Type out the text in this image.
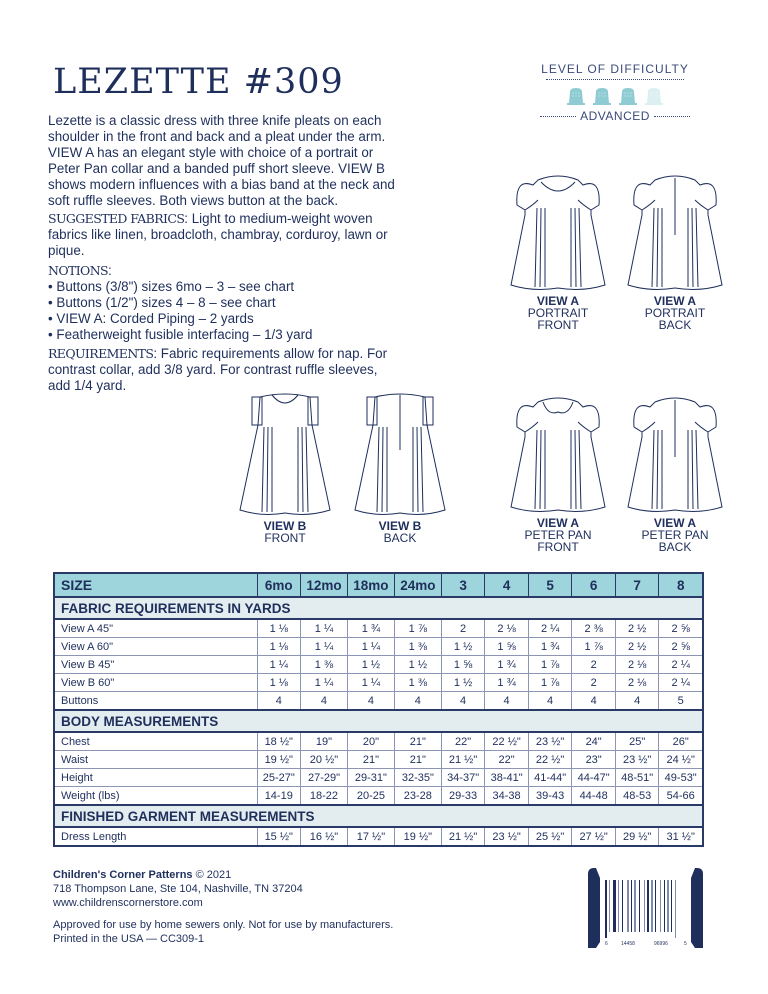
LEZETTE #309
Lezette is a classic dress with three knife pleats on each shoulder in the front and back and a pleat under the arm. VIEW A has an elegant style with choice of a portrait or Peter Pan collar and a banded puff short sleeve. VIEW B shows modern influences with a bias band at the neck and soft ruffle sleeves. Both views button at the back.
SUGGESTED FABRICS: Light to medium-weight woven fabrics like linen, broadcloth, chambray, corduroy, lawn or pique.
NOTIONS:
• Buttons (3/8") sizes 6mo – 3 – see chart
• Buttons (1/2") sizes 4 – 8 – see chart
• VIEW A: Corded Piping – 2 yards
• Featherweight fusible interfacing – 1/3 yard
REQUIREMENTS: Fabric requirements allow for nap. For contrast collar, add 3/8 yard. For contrast ruffle sleeves, add 1/4 yard.
LEVEL OF DIFFICULTY
ADVANCED
VIEW A
PORTRAIT
FRONT
VIEW A
PORTRAIT
BACK
VIEW B
FRONT
VIEW B
BACK
VIEW A
PETER PAN
FRONT
VIEW A
PETER PAN
BACK
SIZE	6mo	12mo	18mo	24mo	3	4	5	6	7	8
FABRIC REQUIREMENTS IN YARDS										
View A 45"	1 ⅛	1 ¼	1 ¾	1 ⅞	2	2 ⅛	2 ¼	2 ⅜	2 ½	2 ⅝
View A 60"	1 ⅛	1 ¼	1 ¼	1 ⅜	1 ½	1 ⅝	1 ¾	1 ⅞	2 ½	2 ⅝
View B 45"	1 ¼	1 ⅜	1 ½	1 ½	1 ⅝	1 ¾	1 ⅞	2	2 ⅛	2 ¼
View B 60"	1 ⅛	1 ¼	1 ¼	1 ⅜	1 ½	1 ¾	1 ⅞	2	2 ⅛	2 ¼
Buttons	4	4	4	4	4	4	4	4	4	5
BODY MEASUREMENTS										
Chest	18 ½"	19"	20"	21"	22"	22 ½"	23 ½"	24"	25"	26"
Waist	19 ½"	20 ½"	21"	21"	21 ½"	22"	22 ½"	23"	23 ½"	24 ½"
Height	25-27"	27-29"	29-31"	32-35"	34-37"	38-41"	41-44"	44-47"	48-51"	49-53"
Weight (lbs)	14-19	18-22	20-25	23-28	29-33	34-38	39-43	44-48	48-53	54-66
FINISHED GARMENT MEASUREMENTS										
Dress Length	15 ½"	16 ½"	17 ½"	19 ½"	21 ½"	23 ½"	25 ½"	27 ½"	29 ½"	31 ½"
Children's Corner Patterns © 2021
718 Thompson Lane, Ste 104, Nashville, TN 37204
www.childrenscornerstore.com
Approved for use by home sewers only. Not for use by manufacturers.
Printed in the USA — CC309-1	6	14458	96996	5
